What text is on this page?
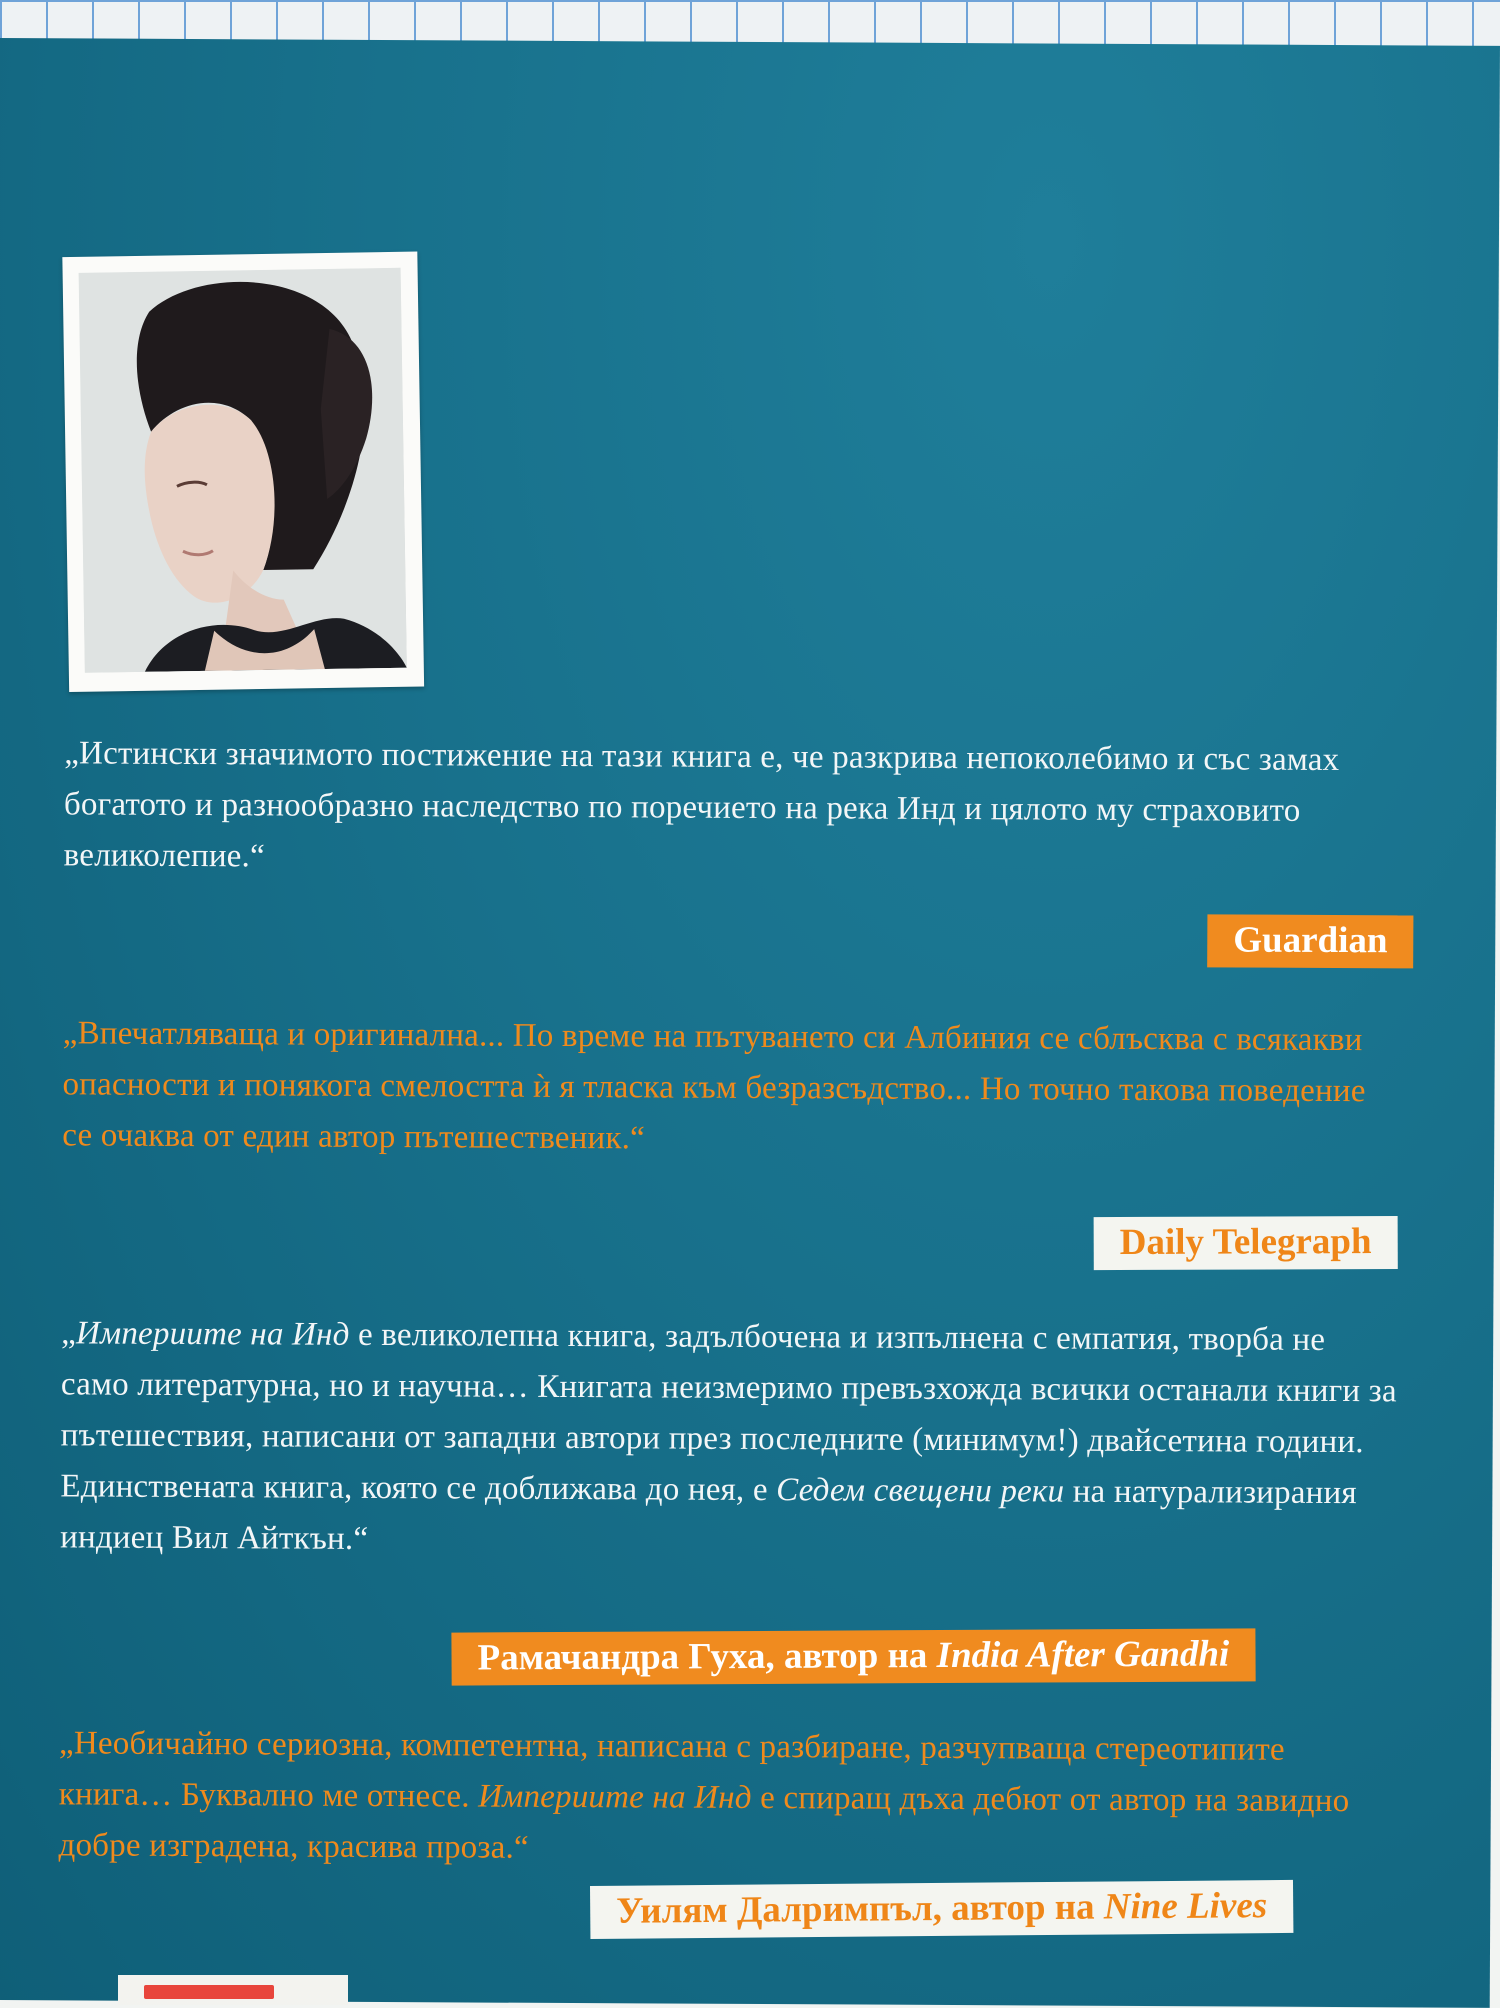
„Истински значимото постижение на тази книга е, че разкрива непоколебимо и със замах богатото и разнообразно наследство по поречието на река Инд и цялото му страховито великолепие.“
Guardian
„Впечатляваща и оригинална... По време на пътуването си Албиния се сблъсква с всякакви опасности и понякога смелостта ѝ я тласка към безразсъдство... Но точно такова поведение се очаква от един автор пътешественик.“
Daily Telegraph
„Империите на Инд е великолепна книга, задълбочена и изпълнена с емпатия, творба не само литературна, но и научна… Книгата неизмеримо превъзхожда всички останали книги за пътешествия, написани от западни автори през последните (минимум!) двайсетина години. Единствената книга, която се доближава до нея, е Седем свещени реки на натурализирания индиец Вил Айткън.“
Рамачандра Гуха, автор на India After Gandhi
„Необичайно сериозна, компетентна, написана с разбиране, разчупваща стереотипите книга… Буквално ме отнесе. Империите на Инд е спиращ дъха дебют от автор на завидно добре изградена, красива проза.“
Уилям Далримпъл, автор на Nine Lives
